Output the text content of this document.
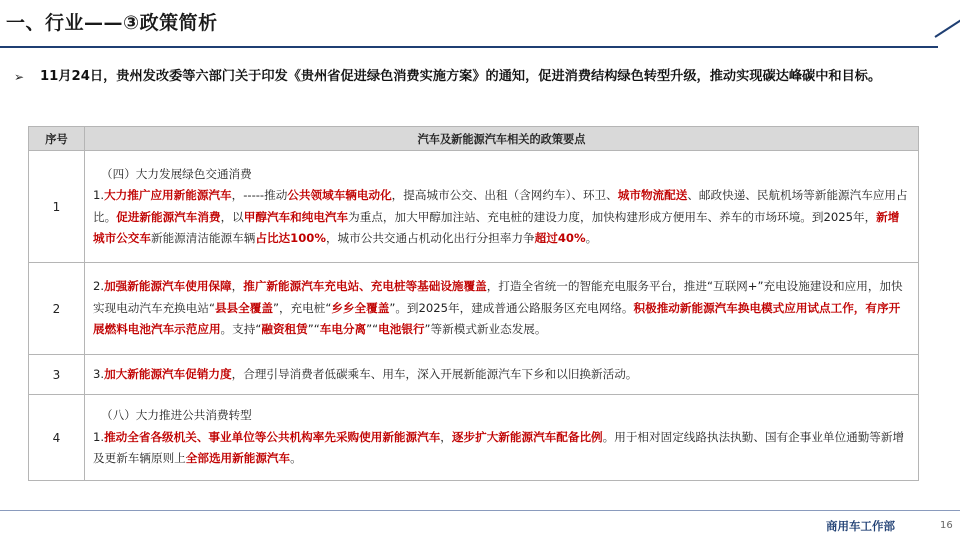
一、行业——③政策简析
➢	11月24日，贵州发改委等六部门关于印发《贵州省促进绿色消费实施方案》的通知，促进消费结构绿色转型升级，推动实现碳达峰碳中和目标。
序号	汽车及新能源汽车相关的政策要点
1	（四）大力发展绿色交通消费
1.大力推广应用新能源汽车，-----推动公共领域车辆电动化，提高城市公交、出租（含网约车）、环卫、城市物流配送、邮政快递、民航机场等新能源汽车应用占比。促进新能源汽车消费，以甲醇汽车和纯电汽车为重点，加大甲醇加注站、充电桩的建设力度，加快构建形成方便用车、养车的市场环境。到2025年，新增城市公交车新能源清洁能源车辆占比达100%，城市公共交通占机动化出行分担率力争超过40%。

2	2.加强新能源汽车使用保障，推广新能源汽车充电站、充电桩等基础设施覆盖，打造全省统一的智能充电服务平台，推进“互联网+”充电设施建设和应用，加快实现电动汽车充换电站“县县全覆盖”，充电桩“乡乡全覆盖”。到2025年，建成普通公路服务区充电网络。积极推动新能源汽车换电模式应用试点工作，有序开展燃料电池汽车示范应用。支持“融资租赁”“车电分离”“电池银行”等新模式新业态发展。

3	3.加大新能源汽车促销力度，合理引导消费者低碳乘车、用车，深入开展新能源汽车下乡和以旧换新活动。

4	（八）大力推进公共消费转型
1.推动全省各级机关、事业单位等公共机构率先采购使用新能源汽车，逐步扩大新能源汽车配备比例。用于相对固定线路执法执勤、国有企事业单位通勤等新增及更新车辆原则上全部选用新能源汽车。
商用车工作部	16
